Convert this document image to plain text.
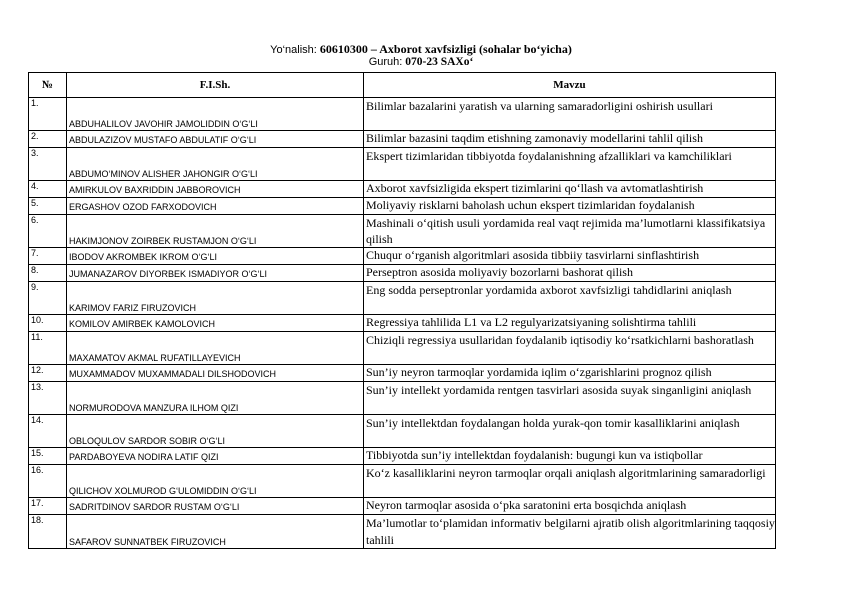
Yo‘nalish: 60610300 – Axborot xavfsizligi (sohalar bo‘yicha)
Guruh: 070-23 SAXo‘
№	F.I.Sh.	Mavzu
1.	ABDUHALILOV JAVOHIR JAMOLIDDIN O‘G‘LI	Bilimlar bazalarini yaratish va ularning samaradorligini oshirish usullari
2.	ABDULAZIZOV MUSTAFO ABDULATIF O‘G‘LI	Bilimlar bazasini taqdim etishning zamonaviy modellarini tahlil qilish
3.	ABDUMO‘MINOV ALISHER JAHONGIR O‘G‘LI	Ekspert tizimlaridan tibbiyotda foydalanishning afzalliklari va kamchiliklari
4.	AMIRKULOV BAXRIDDIN JABBOROVICH	Axborot xavfsizligida ekspert tizimlarini qo‘llash va avtomatlashtirish
5.	ERGASHOV OZOD FARXODOVICH	Moliyaviy risklarni baholash uchun ekspert tizimlaridan foydalanish
6.	HAKIMJONOV ZOIRBEK RUSTAMJON O‘G‘LI	Mashinali o‘qitish usuli yordamida real vaqt rejimida ma’lumotlarni klassifikatsiya qilish
7.	IBODOV AKROMBEK IKROM O‘G‘LI	Chuqur o‘rganish algoritmlari asosida tibbiiy tasvirlarni sinflashtirish
8.	JUMANAZAROV DIYORBEK ISMADIYOR O‘G‘LI	Perseptron asosida moliyaviy bozorlarni bashorat qilish
9.	KARIMOV FARIZ FIRUZOVICH	Eng sodda perseptronlar yordamida axborot xavfsizligi tahdidlarini aniqlash
10.	KOMILOV AMIRBEK KAMOLOVICH	Regressiya tahlilida L1 va L2 regulyarizatsiyaning solishtirma tahlili
11.	MAXAMATOV AKMAL RUFATILLAYEVICH	Chiziqli regressiya usullaridan foydalanib iqtisodiy ko‘rsatkichlarni bashoratlash
12.	MUXAMMADOV MUXAMMADALI DILSHODOVICH	Sun’iy neyron tarmoqlar yordamida iqlim o‘zgarishlarini prognoz qilish
13.	NORMURODOVA MANZURA ILHOM QIZI	Sun’iy intellekt yordamida rentgen tasvirlari asosida suyak singanligini aniqlash
14.	OBLOQULOV SARDOR SOBIR O‘G‘LI	Sun’iy intellektdan foydalangan holda yurak-qon tomir kasalliklarini aniqlash
15.	PARDABOYEVA NODIRA LATIF QIZI	Tibbiyotda sun’iy intellektdan foydalanish: bugungi kun va istiqbollar
16.	QILICHOV XOLMUROD G‘ULOMIDDIN O‘G‘LI	Ko‘z kasalliklarini neyron tarmoqlar orqali aniqlash algoritmlarining samaradorligi
17.	SADRITDINOV SARDOR RUSTAM O‘G‘LI	Neyron tarmoqlar asosida o‘pka saratonini erta bosqichda aniqlash
18.	SAFAROV SUNNATBEK FIRUZOVICH	Ma’lumotlar to‘plamidan informativ belgilarni ajratib olish algoritmlarining taqqosiy tahlili
